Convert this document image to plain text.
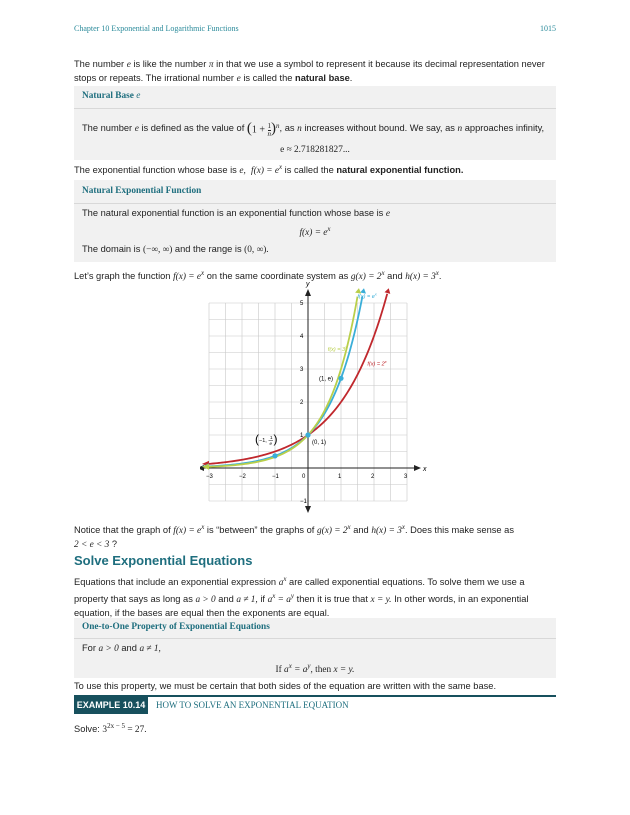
Chapter 10 Exponential and Logarithmic Functions	1015
The number e is like the number π in that we use a symbol to represent it because its decimal representation never stops or repeats. The irrational number e is called the natural base.
Natural Base e
The number e is defined as the value of $(1 + \frac{1}{n} )^n$, as n increases without bound. We say, as n approaches infinity,
e ≈ 2.718281827...
The exponential function whose base is e, $f(x) = e^x$ is called the natural exponential function.
Natural Exponential Function
The natural exponential function is an exponential function whose base is e
$f(x) = e^x$
The domain is (−∞, ∞) and the range is (0, ∞).
Let’s graph the function $f(x) = e^x$ on the same coordinate system as $g(x) = 2^x$ and $h(x) = 3^x$.
x
y
−3	−2	−1	0	1	2	3
−1
1
2
3
4
5
$f(x) = 2^x$
$f(x) = e^x$
$f(x) = 3^x$
(0, 1)
(1, e)
( −1,
1
e )
Notice that the graph of $f(x) = e^x$ is “between” the graphs of $g(x) = 2^x$ and $h(x) = 3^x$. Does this make sense as
2 < e < 3 ?
Solve Exponential Equations
Equations that include an exponential expression $a^x$ are called exponential equations. To solve them we use a property that says as long as a > 0 and a ≠ 1, if $a^x = a^y$ then it is true that x = y. In other words, in an exponential equation, if the bases are equal then the exponents are equal.
One-to-One Property of Exponential Equations
For a > 0 and a ≠ 1,
If $a^x = a^y$, then x = y.
To use this property, we must be certain that both sides of the equation are written with the same base.
EXAMPLE 10.14	HOW TO SOLVE AN EXPONENTIAL EQUATION
Solve: $3^{2x - 5} = 27$.
